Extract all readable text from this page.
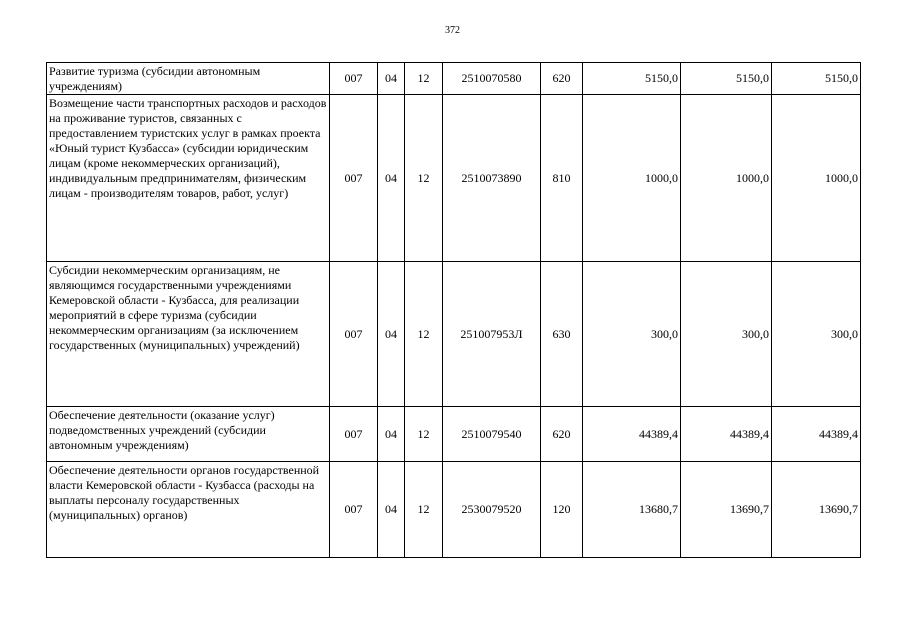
372
Развитие туризма (субсидии автономным учреждениям)	007	04	12	2510070580	620	5150,0	5150,0	5150,0
Возмещение части транспортных расходов и расходов на проживание туристов, связанных с предоставлением туристских услуг в рамках проекта «Юный турист Кузбасса» (субсидии юридическим лицам (кроме некоммерческих организаций), индивидуальным предпринимателям, физическим лицам - производителям товаров, работ, услуг)	007	04	12	2510073890	810	1000,0	1000,0	1000,0
Субсидии некоммерческим организациям, не являющимся государственными учреждениями Кемеровской области - Кузбасса, для реализации мероприятий в сфере туризма (субсидии некоммерческим организациям (за исключением государственных (муниципальных) учреждений)	007	04	12	251007953Л	630	300,0	300,0	300,0
Обеспечение деятельности (оказание услуг) подведомственных учреждений (субсидии автономным учреждениям)	007	04	12	2510079540	620	44389,4	44389,4	44389,4
Обеспечение деятельности органов государственной власти Кемеровской области - Кузбасса (расходы на выплаты персоналу государственных (муниципальных) органов)	007	04	12	2530079520	120	13680,7	13690,7	13690,7
